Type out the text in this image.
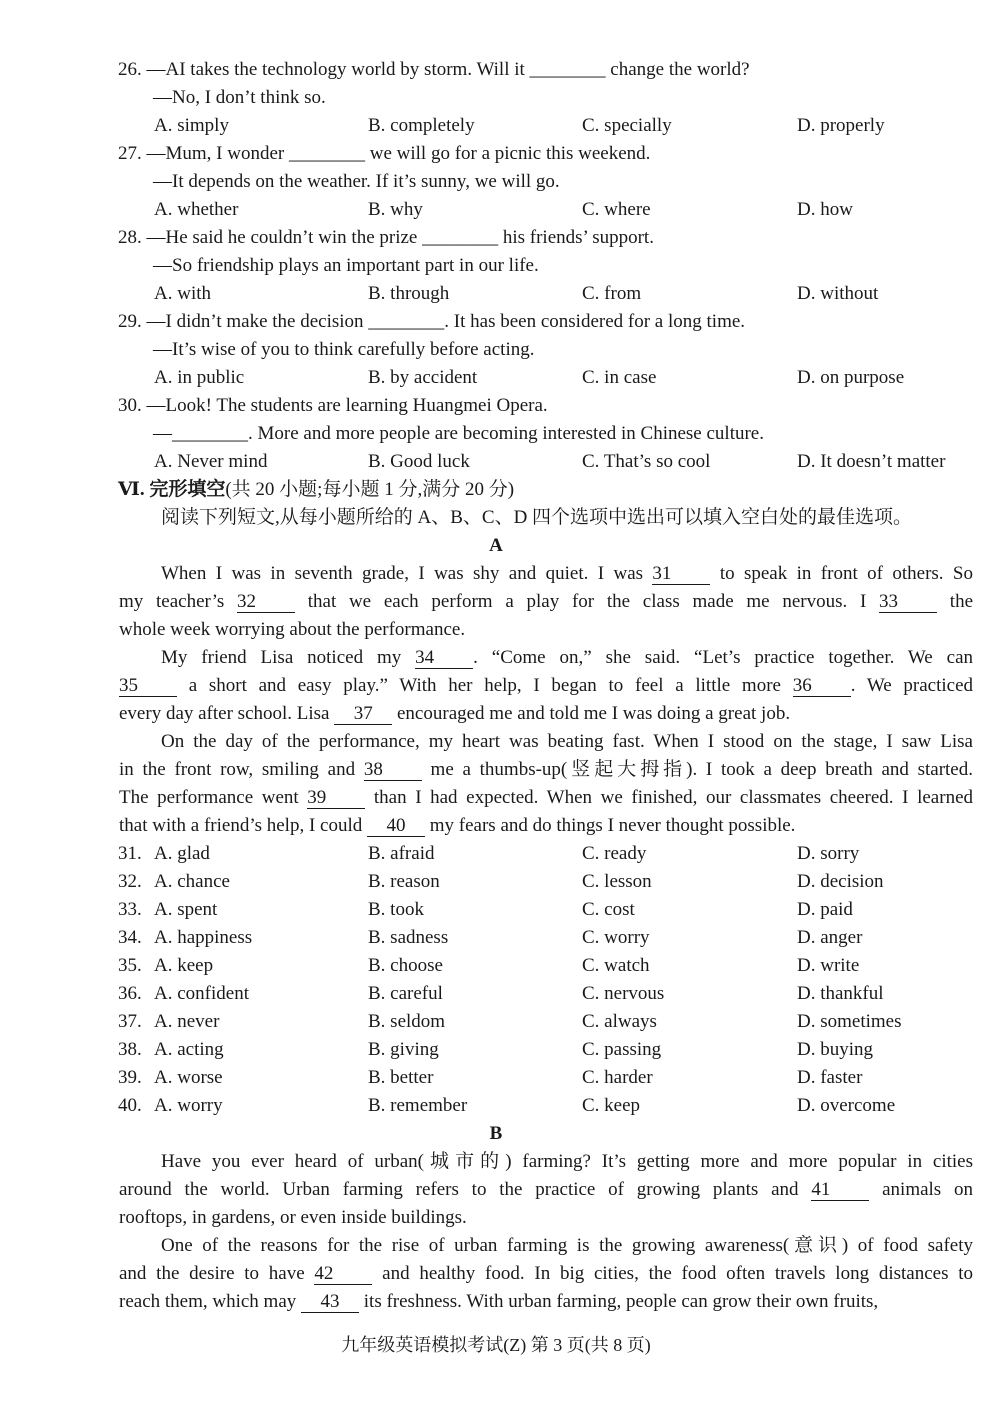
26. —AI takes the technology world by storm. Will it ________ change the world?
—No, I don’t think so.
A. simply	B. completely	C. specially	D. properly
27. —Mum, I wonder ________ we will go for a picnic this weekend.
—It depends on the weather. If it’s sunny, we will go.
A. whether	B. why	C. where	D. how
28. —He said he couldn’t win the prize ________ his friends’ support.
—So friendship plays an important part in our life.
A. with	B. through	C. from	D. without
29. —I didn’t make the decision ________. It has been considered for a long time.
—It’s wise of you to think carefully before acting.
A. in public	B. by accident	C. in case	D. on purpose
30. —Look! The students are learning Huangmei Opera.
—________. More and more people are becoming interested in Chinese culture.
A. Never mind	B. Good luck	C. That’s so cool	D. It doesn’t matter
Ⅵ. 完形填空(共 20 小题;每小题 1 分,满分 20 分)
阅读下列短文,从每小题所给的 A、B、C、D 四个选项中选出可以填入空白处的最佳选项。
A
When I was in seventh grade, I was shy and quiet. I was 31 to speak in front of others. So
my teacher’s 32 that we each perform a play for the class made me nervous. I 33 the
whole week worrying about the performance.
My friend Lisa noticed my 34 . “Come on,” she said. “Let’s practice together. We can
35 a short and easy play.” With her help, I began to feel a little more 36 . We practiced
every day after school. Lisa 37 encouraged me and told me I was doing a great job.
On the day of the performance, my heart was beating fast. When I stood on the stage, I saw Lisa
in the front row, smiling and 38 me a thumbs-up(竖起大拇指). I took a deep breath and started.
The performance went 39 than I had expected. When we finished, our classmates cheered. I learned
that with a friend’s help, I could 40 my fears and do things I never thought possible.
31. A. glad	B. afraid	C. ready	D. sorry
32. A. chance	B. reason	C. lesson	D. decision
33. A. spent	B. took	C. cost	D. paid
34. A. happiness	B. sadness	C. worry	D. anger
35. A. keep	B. choose	C. watch	D. write
36. A. confident	B. careful	C. nervous	D. thankful
37. A. never	B. seldom	C. always	D. sometimes
38. A. acting	B. giving	C. passing	D. buying
39. A. worse	B. better	C. harder	D. faster
40. A. worry	B. remember	C. keep	D. overcome
B
Have you ever heard of urban(城市的) farming? It’s getting more and more popular in cities
around the world. Urban farming refers to the practice of growing plants and 41 animals on
rooftops, in gardens, or even inside buildings.
One of the reasons for the rise of urban farming is the growing awareness(意识) of food safety
and the desire to have 42 and healthy food. In big cities, the food often travels long distances to
reach them, which may 43 its freshness. With urban farming, people can grow their own fruits,
九年级英语模拟考试(Z) 第 3 页(共 8 页)
